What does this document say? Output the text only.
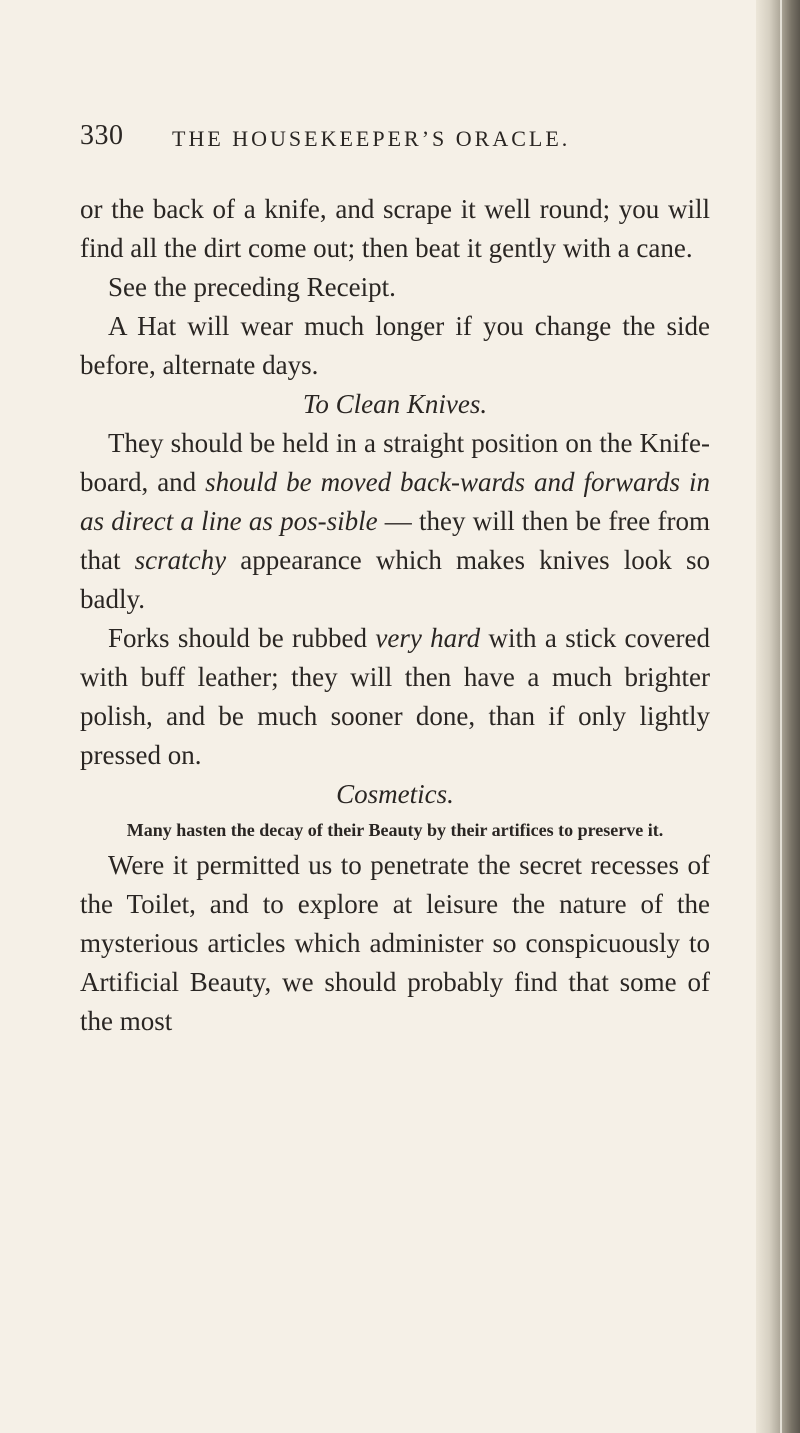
330 THE HOUSEKEEPER’S ORACLE.

or the back of a knife, and scrape it well round; you will find all the dirt come out; then beat it gently with a cane.

See the preceding Receipt.

A Hat will wear much longer if you change the side before, alternate days.

To Clean Knives.

They should be held in a straight position on the Knife-board, and should be moved back-wards and forwards in as direct a line as pos-sible — they will then be free from that scratchy appearance which makes knives look so badly.

Forks should be rubbed very hard with a stick covered with buff leather; they will then have a much brighter polish, and be much sooner done, than if only lightly pressed on.

Cosmetics.

Many hasten the decay of their Beauty by their artifices to preserve it.

Were it permitted us to penetrate the secret recesses of the Toilet, and to explore at leisure the nature of the mysterious articles which administer so conspicuously to Artificial Beauty, we should probably find that some of the most
